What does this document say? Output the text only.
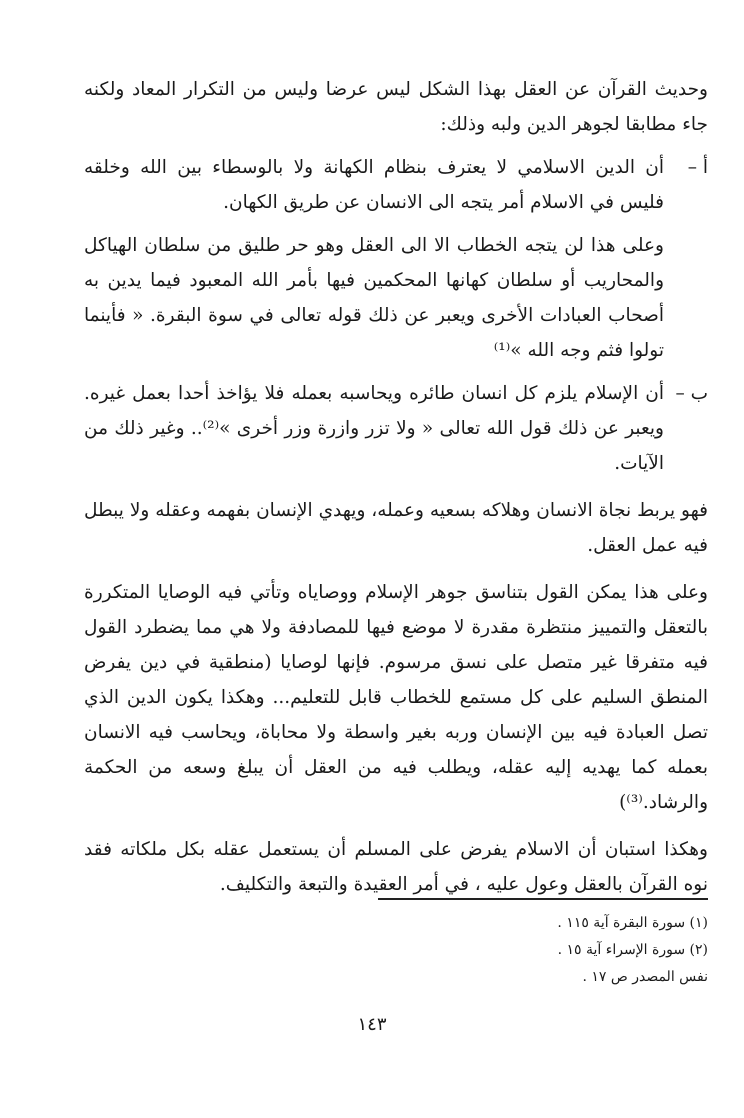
وحديث القرآن عن العقل بهذا الشكل ليس عرضا وليس من التكرار المعاد ولكنه جاء مطابقا لجوهر الدين ولبه وذلك:

أ –
أن الدين الاسلامي لا يعترف بنظام الكهانة ولا بالوسطاء بين الله وخلقه فليس في الاسلام أمر يتجه الى الانسان عن طريق الكهان.

وعلى هذا لن يتجه الخطاب الا الى العقل وهو حر طليق من سلطان الهياكل والمحاريب أو سلطان كهانها المحكمين فيها بأمر الله المعبود فيما يدين به أصحاب العبادات الأخرى ويعبر عن ذلك قوله تعالى في سوة البقرة. « فأينما تولوا فثم وجه الله »⁽¹⁾

ب –
أن الإسلام يلزم كل انسان طائره ويحاسبه بعمله فلا يؤاخذ أحدا بعمل غيره. ويعبر عن ذلك قول الله تعالى « ولا تزر وازرة وزر أخرى »⁽²⁾.. وغير ذلك من الآيات.

فهو يربط نجاة الانسان وهلاكه بسعيه وعمله، ويهدي الإنسان بفهمه وعقله ولا يبطل فيه عمل العقل.

وعلى هذا يمكن القول بتناسق جوهر الإسلام ووصاياه وتأتي فيه الوصايا المتكررة بالتعقل والتمييز منتظرة مقدرة لا موضع فيها للمصادفة ولا هي مما يضطرد القول فيه متفرقا غير متصل على نسق مرسوم. فإنها لوصايا (منطقية في دين يفرض المنطق السليم على كل مستمع للخطاب قابل للتعليم... وهكذا يكون الدين الذي تصل العبادة فيه بين الإنسان وربه بغير واسطة ولا محاباة، ويحاسب فيه الانسان بعمله كما يهديه إليه عقله، ويطلب فيه من العقل أن يبلغ وسعه من الحكمة والرشاد.⁽³⁾)

وهكذا استبان أن الاسلام يفرض على المسلم أن يستعمل عقله بكل ملكاته فقد نوه القرآن بالعقل وعول عليه ، في أمر العقيدة والتبعة والتكليف.

(١) سورة البقرة آية ١١٥ .
(٢) سورة الإسراء آية ١٥ .
نفس المصدر ص ١٧ .
١٤٣
